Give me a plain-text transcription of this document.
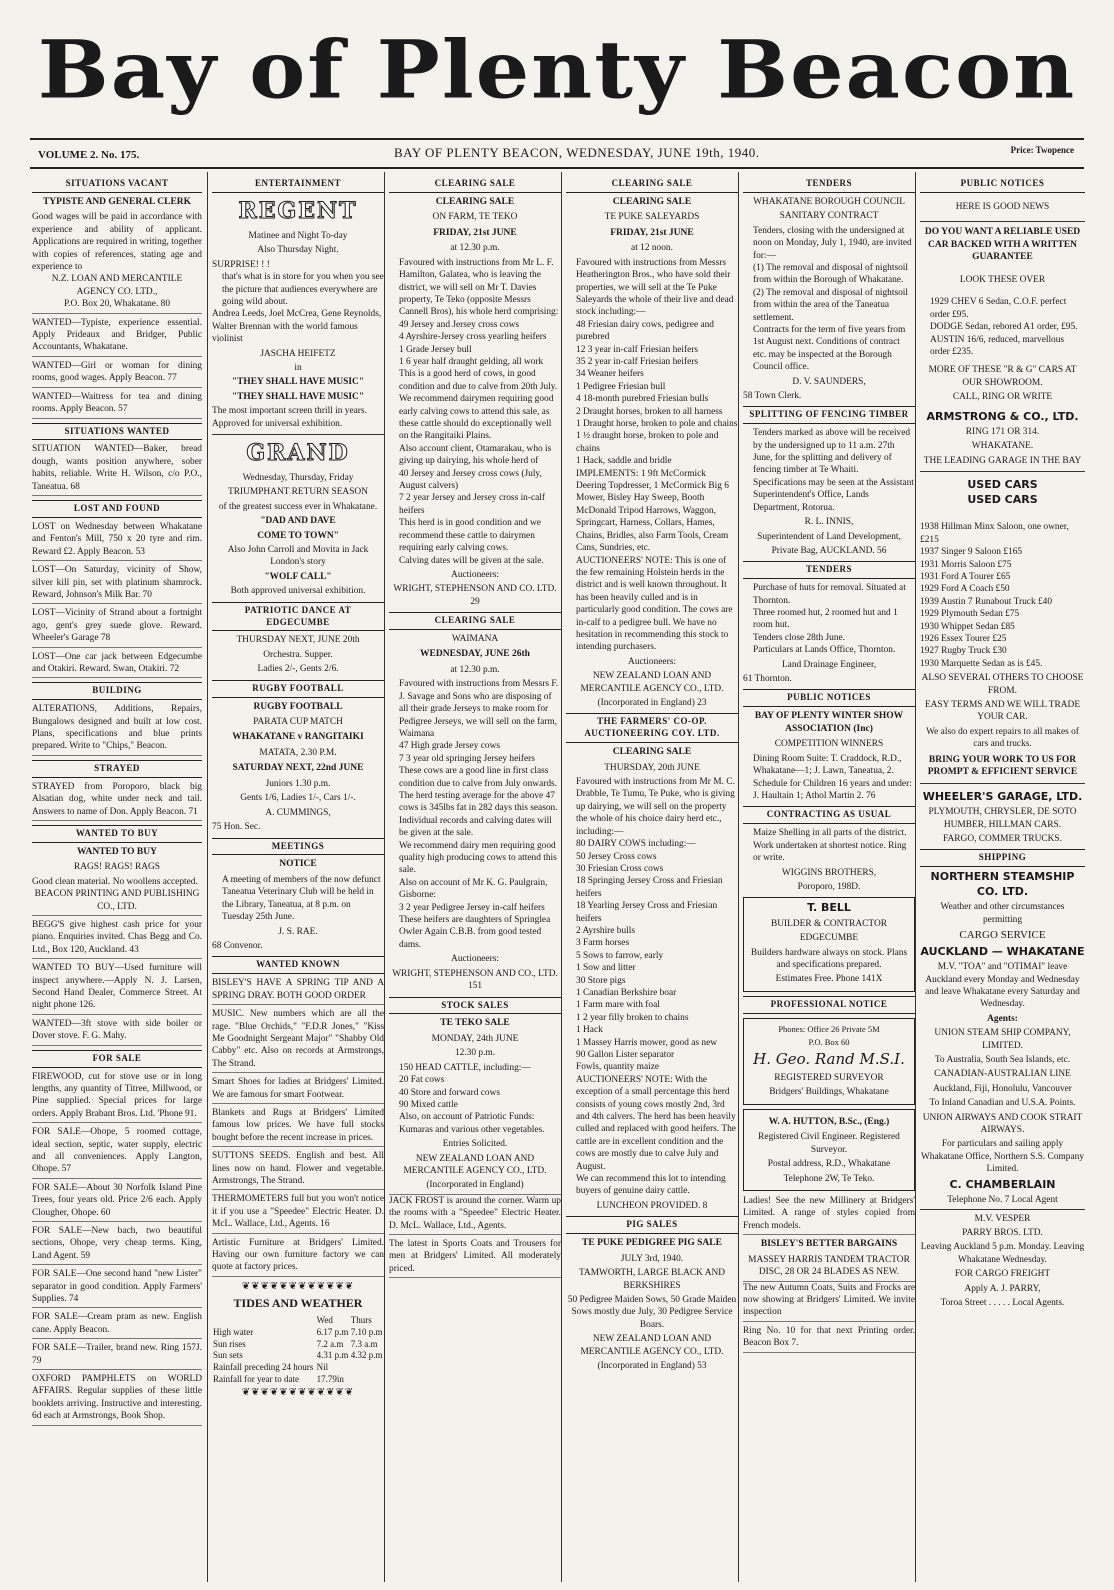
Bay of Plenty Beacon
VOLUME 2. No. 175.	BAY OF PLENTY BEACON, WEDNESDAY, JUNE 19th, 1940.	Price: Twopence
SITUATIONS VACANT
TYPISTE AND GENERAL CLERK

Good wages will be paid in accordance with experience and ability of applicant. Applications are required in writing, together with copies of references, stating age and experience to

N.Z. LOAN AND MERCANTILE AGENCY CO. LTD.,

P.O. Box 20, Whakatane. 80

WANTED—Typiste, experience essential. Apply Prideaux and Bridger, Public Accountants, Whakatane.
WANTED—Girl or woman for dining rooms, good wages. Apply Beacon. 77
WANTED—Waitress for tea and dining rooms. Apply Beacon. 57
SITUATIONS WANTED
SITUATION WANTED—Baker, bread dough, wants position anywhere, sober habits, reliable. Write H. Wilson, c/o P.O., Taneatua. 68
LOST AND FOUND
LOST on Wednesday between Whakatane and Fenton's Mill, 750 x 20 tyre and rim. Reward £2. Apply Beacon. 53
LOST—On Saturday, vicinity of Show, silver kill pin, set with platinum shamrock. Reward, Johnson's Milk Bar. 70
LOST—Vicinity of Strand about a fortnight ago, gent's grey suede glove. Reward. Wheeler's Garage 78
LOST—One car jack between Edgecumbe and Otakiri. Reward. Swan, Otakiri. 72
BUILDING
ALTERATIONS, Additions, Repairs, Bungalows designed and built at low cost. Plans, specifications and blue prints prepared. Write to "Chips," Beacon.
STRAYED
STRAYED from Poroporo, black big Alsatian dog, white under neck and tail. Answers to name of Don. Apply Beacon. 71
WANTED TO BUY
WANTED TO BUY
RAGS! RAGS! RAGS

Good clean material. No woollens accepted.

BEACON PRINTING AND PUBLISHING CO., LTD.

BEGG'S give highest cash price for your piano. Enquiries invited. Chas Begg and Co. Ltd., Box 120, Auckland. 43
WANTED TO BUY—Used furniture will inspect anywhere.—Apply N. J. Larsen, Second Hand Dealer, Commerce Street. At night phone 126.
WANTED—3ft stove with side boiler or Dover stove. F. G. Mahy.
FOR SALE
FIREWOOD, cut for stove use or in long lengths, any quantity of Titree, Millwood, or Pine supplied. Special prices for large orders. Apply Brabant Bros. Ltd. 'Phone 91.
FOR SALE—Ohope, 5 roomed cottage, ideal section, septic, water supply, electric and all conveniences. Apply Langton, Ohope. 57
FOR SALE—About 30 Norfolk Island Pine Trees, four years old. Price 2/6 each. Apply Clougher, Ohope. 60
FOR SALE—New bach, two beautiful sections, Ohope, very cheap terms. King, Land Agent. 59
FOR SALE—One second hand "new Lister" separator in good condition. Apply Farmers' Supplies. 74
FOR SALE—Cream pram as new. English cane. Apply Beacon.
FOR SALE—Trailer, brand new. Ring 157J. 79
OXFORD PAMPHLETS on WORLD AFFAIRS. Regular supplies of these little booklets arriving. Instructive and interesting. 6d each at Armstrongs, Book Shop.
ENTERTAINMENT
REGENT
Matinee and Night To-day
Also Thursday Night.
SURPRISE! ! !
that's what is in store for you when you see the picture that audiences everywhere are going wild about.
Andrea Leeds, Joel McCrea, Gene Reynolds, Walter Brennan with the world famous violinist
JASCHA HEIFETZ
in
"THEY SHALL HAVE MUSIC"
"THEY SHALL HAVE MUSIC"
The most important screen thrill in years.
Approved for universal exhibition.
GRAND
Wednesday, Thursday, Friday
TRIUMPHANT RETURN SEASON
of the greatest success ever in Whakatane.
"DAD AND DAVE
COME TO TOWN"
Also John Carroll and Movita in Jack London's story
"WOLF CALL"
Both approved universal exhibition.
PATRIOTIC DANCE AT EDGECUMBE
THURSDAY NEXT, JUNE 20th
Orchestra. Supper.
Ladies 2/-, Gents 2/6.
RUGBY FOOTBALL
RUGBY FOOTBALL
PARATA CUP MATCH
WHAKATANE v RANGITAIKI
MATATA, 2.30 P.M.
SATURDAY NEXT, 22nd JUNE
Juniors 1.30 p.m.
Gents 1/6, Ladies 1/-, Cars 1/-.
A. CUMMINGS,
75 Hon. Sec.
MEETINGS
NOTICE
A meeting of members of the now defunct Taneatua Veterinary Club will be held in the Library, Taneatua, at 8 p.m. on Tuesday 25th June.
J. S. RAE.
68 Convenor.
WANTED KNOWN
BISLEY'S HAVE A SPRING TIP AND A SPRING DRAY. BOTH GOOD ORDER
MUSIC. New numbers which are all the rage. "Blue Orchids," "F.D.R Jones," "Kiss Me Goodnight Sergeant Major" "Shabby Old Cabby" etc. Also on records at Armstrongs, The Strand.
Smart Shoes for ladies at Bridgers' Limited. We are famous for smart Footwear.
Blankets and Rugs at Bridgers' Limited famous low prices. We have full stocks bought before the recent increase in prices.
SUTTONS SEEDS. English and best. All lines now on hand. Flower and vegetable. Armstrongs, The Strand.
THERMOMETERS full but you won't notice it if you use a "Speedee" Electric Heater. D. McL. Wallace, Ltd., Agents. 16
Artistic Furniture at Bridgers' Limited. Having our own furniture factory we can quote at factory prices.
❦❦❦❦❦❦❦❦❦❦❦❦
TIDES AND WEATHER
	Wed	Thurs
High water	6.17 p.m	7.10 p.m
Sun rises	7.2 a.m	7.3 a.m
Sun sets	4.31 p.m	4.32 p.m
Rainfall preceding 24 hours	Nil	
Rainfall for year to date	17.79in	
❦❦❦❦❦❦❦❦❦❦❦❦
CLEARING SALE
CLEARING SALE
ON FARM, TE TEKO
FRIDAY, 21st JUNE
at 12.30 p.m.
Favoured with instructions from Mr L. F. Hamilton, Galatea, who is leaving the district, we will sell on Mr T. Davies property, Te Teko (opposite Messrs Cannell Bros), his whole herd comprising:
49 Jersey and Jersey cross cows
4 Ayrshire-Jersey cross yearling heifers
1 Grade Jersey bull
1 6 year half draught gelding, all work
This is a good herd of cows, in good condition and due to calve from 20th July.
We recommend dairymen requiring good early calving cows to attend this sale, as these cattle should do exceptionally well on the Rangitaiki Plains.
Also account client, Otamarakau, who is giving up dairying, his whole herd of
40 Jersey and Jersey cross cows (July, August calvers)
7 2 year Jersey and Jersey cross in-calf heifers
This herd is in good condition and we recommend these cattle to dairymen requiring early calving cows.
Calving dates will be given at the sale.
Auctioneers:
WRIGHT, STEPHENSON AND CO. LTD. 29
CLEARING SALE
WAIMANA
WEDNESDAY, JUNE 26th
at 12.30 p.m.
Favoured with instructions from Messrs F. J. Savage and Sons who are disposing of all their grade Jerseys to make room for Pedigree Jerseys, we will sell on the farm, Waimana
47 High grade Jersey cows
7 3 year old springing Jersey heifers
These cows are a good line in first class condition due to calve from July onwards.
The herd testing average for the above 47 cows is 345lbs fat in 282 days this season.
Individual records and calving dates will be given at the sale.
We recommend dairy men requiring good quality high producing cows to attend this sale.
Also on account of Mr K. G. Paulgrain, Gisborne:
3 2 year Pedigree Jersey in-calf heifers
These heifers are daughters of Springlea Owler Again C.B.B. from good tested dams.
Auctioneers:
WRIGHT, STEPHENSON AND CO., LTD. 151
STOCK SALES
TE TEKO SALE
MONDAY, 24th JUNE
12.30 p.m.
150 HEAD CATTLE, including:—
20 Fat cows
40 Store and forward cows
90 Mixed cattle
Also, on account of Patriotic Funds: Kumaras and various other vegetables.
Entries Solicited.
NEW ZEALAND LOAN AND MERCANTILE AGENCY CO., LTD.
(Incorporated in England)
JACK FROST is around the corner. Warm up the rooms with a "Speedee" Electric Heater. D. McL. Wallace, Ltd., Agents.
The latest in Sports Coats and Trousers for men at Bridgers' Limited. All moderately priced.
CLEARING SALE
CLEARING SALE
TE PUKE SALEYARDS
FRIDAY, 21st JUNE
at 12 noon.
Favoured with instructions from Messrs Heatherington Bros., who have sold their properties, we will sell at the Te Puke Saleyards the whole of their live and dead stock including:—
48 Friesian dairy cows, pedigree and purebred
12 3 year in-calf Friesian heifers
35 2 year in-calf Friesian heifers
34 Weaner heifers
1 Pedigree Friesian bull
4 18-month purebred Friesian bulls
2 Draught horses, broken to all harness
1 Draught horse, broken to pole and chains
1 ½ draught horse, broken to pole and chains
1 Hack, saddle and bridle
IMPLEMENTS: 1 9ft McCormick Deering Topdresser, 1 McCormick Big 6 Mower, Bisley Hay Sweep, Booth McDonald Tripod Harrows, Waggon, Springcart, Harness, Collars, Hames, Chains, Bridles, also Farm Tools, Cream Cans, Sundries, etc.
AUCTIONEERS' NOTE: This is one of the few remaining Holstein herds in the district and is well known throughout. It has been heavily culled and is in particularly good condition. The cows are in-calf to a pedigree bull. We have no hesitation in recommending this stock to intending purchasers.
Auctioneers:
NEW ZEALAND LOAN AND MERCANTILE AGENCY CO., LTD.
(Incorporated in England) 23
THE FARMERS' CO-OP. AUCTIONEERING COY. LTD.
CLEARING SALE
THURSDAY, 20th JUNE
Favoured with instructions from Mr M. C. Drabble, Te Tumu, Te Puke, who is giving up dairying, we will sell on the property the whole of his choice dairy herd etc., including:—
80 DAIRY COWS including:—
50 Jersey Cross cows
30 Friesian Cross cows
18 Springing Jersey Cross and Friesian heifers
18 Yearling Jersey Cross and Friesian heifers
2 Ayrshire bulls
3 Farm horses
5 Sows to farrow, early
1 Sow and litter
30 Store pigs
1 Canadian Berkshire boar
1 Farm mare with foal
1 2 year filly broken to chains
1 Hack
1 Massey Harris mower, good as new
90 Gallon Lister separator
Fowls, quantity maize
AUCTIONEERS' NOTE: With the exception of a small percentage this herd consists of young cows mostly 2nd, 3rd and 4th calvers. The herd has been heavily culled and replaced with good heifers. The cattle are in excellent condition and the cows are mostly due to calve July and August.
We can recommend this lot to intending buyers of genuine dairy cattle.
LUNCHEON PROVIDED. 8
PIG SALES
TE PUKE PEDIGREE PIG SALE
JULY 3rd, 1940.
TAMWORTH, LARGE BLACK AND BERKSHIRES
50 Pedigree Maiden Sows, 50 Grade Maiden Sows mostly due July, 30 Pedigree Service Boars.
NEW ZEALAND LOAN AND MERCANTILE AGENCY CO., LTD.
(Incorporated in England) 53
TENDERS
WHAKATANE BOROUGH COUNCIL
SANITARY CONTRACT
Tenders, closing with the undersigned at noon on Monday, July 1, 1940, are invited for:—
(1) The removal and disposal of nightsoil from within the Borough of Whakatane.
(2) The removal and disposal of nightsoil from within the area of the Taneatua settlement.
Contracts for the term of five years from 1st August next. Conditions of contract etc. may be inspected at the Borough Council office.
D. V. SAUNDERS,
58 Town Clerk.
SPLITTING OF FENCING TIMBER
Tenders marked as above will be received by the undersigned up to 11 a.m. 27th June, for the splitting and delivery of fencing timber at Te Whaiti.
Specifications may be seen at the Assistant Superintendent's Office, Lands Department, Rotorua.
R. L. INNIS,
Superintendent of Land Development,
Private Bag, AUCKLAND. 56
TENDERS
Purchase of huts for removal. Situated at Thornton.
Three roomed hut, 2 roomed hut and 1 room hut.
Tenders close 28th June.
Particulars at Lands Office, Thornton.
Land Drainage Engineer,
61 Thornton.
PUBLIC NOTICES
BAY OF PLENTY WINTER SHOW ASSOCIATION (Inc)
COMPETITION WINNERS
Dining Room Suite: T. Craddock, R.D., Whakatane—1; J. Lawn, Taneatua, 2.
Schedule for Children 16 years and under: J. Haultain 1; Athol Martin 2. 76
CONTRACTING AS USUAL
Maize Shelling in all parts of the district. Work undertaken at shortest notice. Ring or write.
WIGGINS BROTHERS,
Poroporo, 198D.
T. BELL
BUILDER & CONTRACTOR
EDGECUMBE
Builders hardware always on stock. Plans and specifications prepared.
Estimates Free. Phone 141X
PROFESSIONAL NOTICE
Phones: Office 26 Private 5M
P.O. Box 60
H. Geo. Rand M.S.I.
REGISTERED SURVEYOR
Bridgers' Buildings, Whakatane
W. A. HUTTON, B.Sc., (Eng.)
Registered Civil Engineer. Registered Surveyor.
Postal address, R.D., Whakatane
Telephone 2W, Te Teko.
Ladies! See the new Millinery at Bridgers' Limited. A range of styles copied from French models.
BISLEY'S BETTER BARGAINS
MASSEY HARRIS TANDEM TRACTOR DISC, 28 OR 24 BLADES AS NEW.
The new Autumn Coats, Suits and Frocks are now showing at Bridgers' Limited. We invite inspection
Ring No. 10 for that next Printing order. Beacon Box 7.
PUBLIC NOTICES
HERE IS GOOD NEWS
DO YOU WANT A RELIABLE USED CAR BACKED WITH A WRITTEN GUARANTEE
LOOK THESE OVER
1929 CHEV 6 Sedan, C.O.F. perfect order £95.
DODGE Sedan, rebored A1 order, £95.
AUSTIN 16/6, reduced, marvellous order £235.
MORE OF THESE "R & G" CARS AT OUR SHOWROOM.
CALL, RING OR WRITE
ARMSTRONG & CO., LTD.
RING 171 OR 314.
WHAKATANE.
THE LEADING GARAGE IN THE BAY
USED CARS
USED CARS
1938 Hillman Minx Saloon, one owner, £215
1937 Singer 9 Saloon £165
1931 Morris Saloon £75
1931 Ford A Tourer £65
1929 Ford A Coach £50
1939 Austin 7 Runabout Truck £40
1929 Plymouth Sedan £75
1930 Whippet Sedan £85
1926 Essex Tourer £25
1927 Rugby Truck £30
1930 Marquette Sedan as is £45.
ALSO SEVERAL OTHERS TO CHOOSE FROM.
EASY TERMS AND WE WILL TRADE YOUR CAR.
We also do expert repairs to all makes of cars and trucks.
BRING YOUR WORK TO US FOR PROMPT & EFFICIENT SERVICE
WHEELER'S GARAGE, LTD.
PLYMOUTH, CHRYSLER, DE SOTO HUMBER, HILLMAN CARS.
FARGO, COMMER TRUCKS.
SHIPPING
NORTHERN STEAMSHIP CO. LTD.
Weather and other circumstances permitting
CARGO SERVICE
AUCKLAND — WHAKATANE
M.V. "TOA" and "OTIMAI" leave Auckland every Monday and Wednesday and leave Whakatane every Saturday and Wednesday.
Agents:
UNION STEAM SHIP COMPANY, LIMITED.
To Australia, South Sea Islands, etc.
CANADIAN-AUSTRALIAN LINE
Auckland, Fiji, Honolulu, Vancouver
To Inland Canadian and U.S.A. Points.
UNION AIRWAYS AND COOK STRAIT AIRWAYS.
For particulars and sailing apply Whakatane Office, Northern S.S. Company Limited.
C. CHAMBERLAIN
Telephone No. 7 Local Agent
M.V. VESPER
PARRY BROS. LTD.
Leaving Auckland 5 p.m. Monday. Leaving Whakatane Wednesday.
FOR CARGO FREIGHT
Apply A. J. PARRY,
Toroa Street . . . . . Local Agents.
